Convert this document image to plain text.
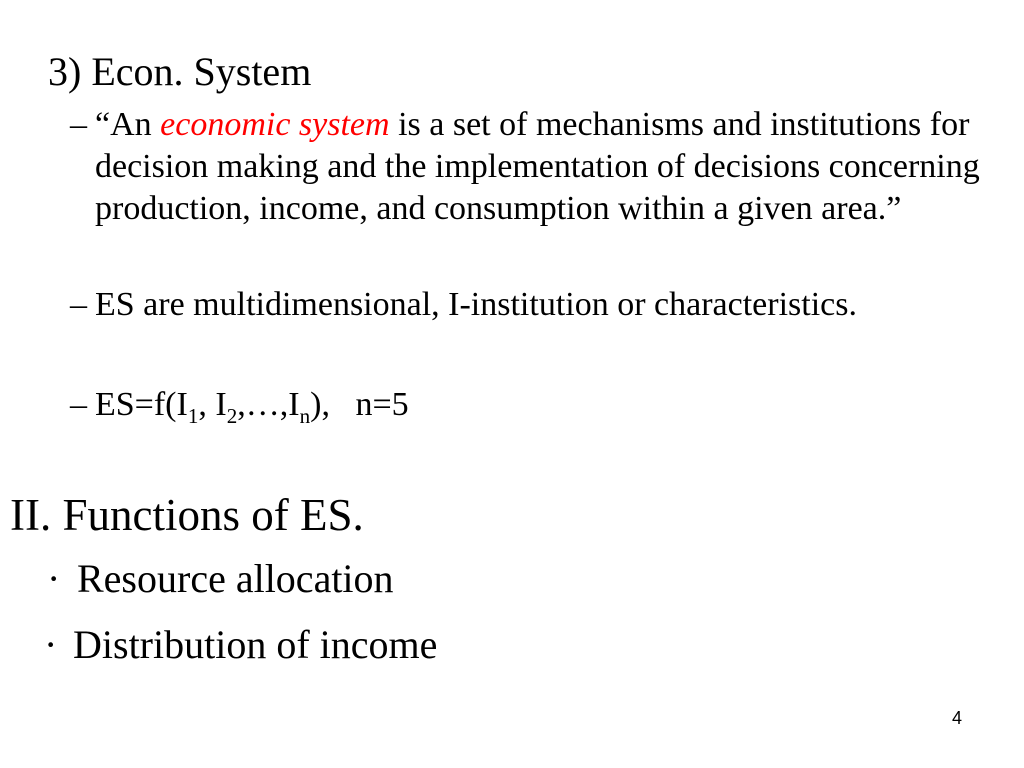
3) Econ. System
– “An economic system is a set of mechanisms and institutions for
decision making and the implementation of decisions concerning
production, income, and consumption within a given area.”
– ES are multidimensional, I-institution or characteristics.
– $ES=f(I_1$, $I_2,\dots,I_n$),   n=5
II. Functions of ES.
· Resource allocation
· Distribution of income
4
